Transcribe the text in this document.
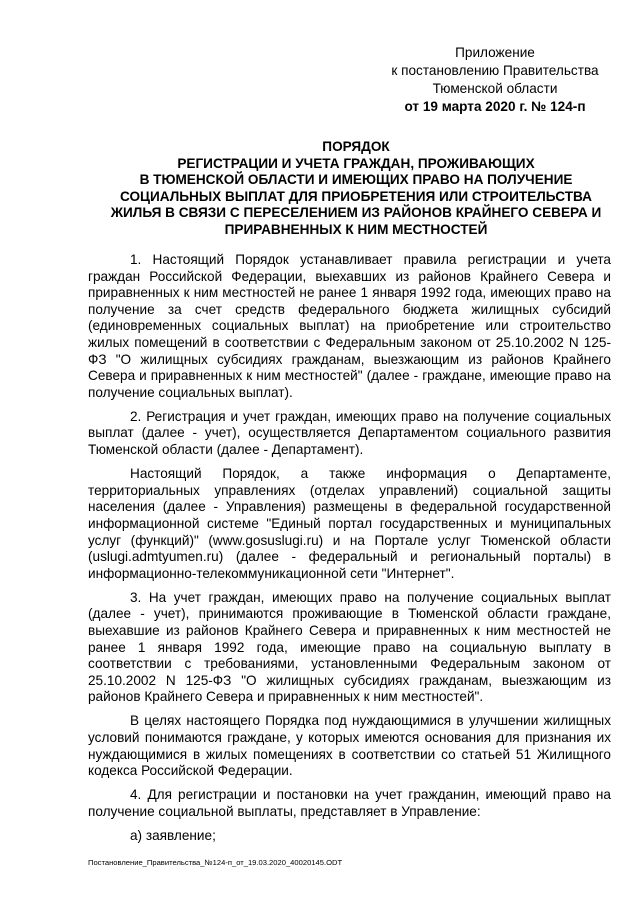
Приложение
к постановлению Правительства
Тюменской области
от 19 марта 2020 г. № 124-п
ПОРЯДОК
РЕГИСТРАЦИИ И УЧЕТА ГРАЖДАН, ПРОЖИВАЮЩИХ
В ТЮМЕНСКОЙ ОБЛАСТИ И ИМЕЮЩИХ ПРАВО НА ПОЛУЧЕНИЕ
СОЦИАЛЬНЫХ ВЫПЛАТ ДЛЯ ПРИОБРЕТЕНИЯ ИЛИ СТРОИТЕЛЬСТВА
ЖИЛЬЯ В СВЯЗИ С ПЕРЕСЕЛЕНИЕМ ИЗ РАЙОНОВ КРАЙНЕГО СЕВЕРА И
ПРИРАВНЕННЫХ К НИМ МЕСТНОСТЕЙ

1. Настоящий Порядок устанавливает правила регистрации и учета граждан Российской Федерации, выехавших из районов Крайнего Севера и приравненных к ним местностей не ранее 1 января 1992 года, имеющих право на получение за счет средств федерального бюджета жилищных субсидий (единовременных социальных выплат) на приобретение или строительство жилых помещений в соответствии с Федеральным законом от 25.10.2002 N 125-ФЗ "О жилищных субсидиях гражданам, выезжающим из районов Крайнего Севера и приравненных к ним местностей" (далее - граждане, имеющие право на получение социальных выплат).

2. Регистрация и учет граждан, имеющих право на получение социальных выплат (далее - учет), осуществляется Департаментом социального развития Тюменской области (далее - Департамент).

Настоящий Порядок, а также информация о Департаменте, территориальных управлениях (отделах управлений) социальной защиты населения (далее - Управления) размещены в федеральной государственной информационной системе "Единый портал государственных и муниципальных услуг (функций)" (www.gosuslugi.ru) и на Портале услуг Тюменской области (uslugi.admtyumen.ru) (далее - федеральный и региональный порталы) в информационно-телекоммуникационной сети "Интернет".

3. На учет граждан, имеющих право на получение социальных выплат (далее - учет), принимаются проживающие в Тюменской области граждане, выехавшие из районов Крайнего Севера и приравненных к ним местностей не ранее 1 января 1992 года, имеющие право на социальную выплату в соответствии с требованиями, установленными Федеральным законом от 25.10.2002 N 125-ФЗ "О жилищных субсидиях гражданам, выезжающим из районов Крайнего Севера и приравненных к ним местностей".

В целях настоящего Порядка под нуждающимися в улучшении жилищных условий понимаются граждане, у которых имеются основания для признания их нуждающимися в жилых помещениях в соответствии со статьей 51 Жилищного кодекса Российской Федерации.

4. Для регистрации и постановки на учет гражданин, имеющий право на получение социальной выплаты, представляет в Управление:

а) заявление;

Постановление_Правительства_№124-п_от_19.03.2020_40020145.ODT
